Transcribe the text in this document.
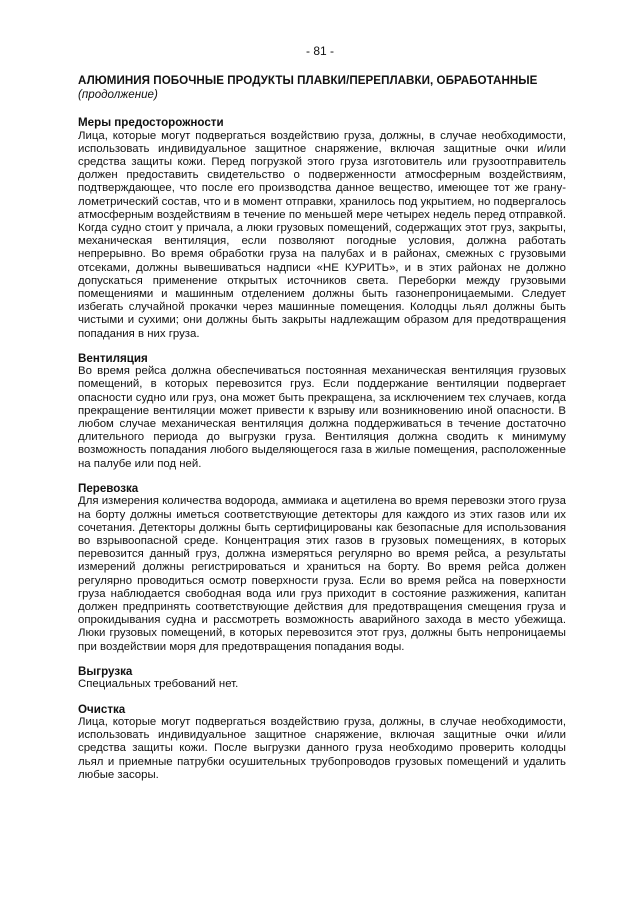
- 81 -

АЛЮМИНИЯ ПОБОЧНЫЕ ПРОДУКТЫ ПЛАВКИ/ПЕРЕПЛАВКИ, ОБРАБОТАННЫЕ

(продолжение)

Меры предосторожности

Лица, которые могут подвергаться воздействию груза, должны, в случае необходимости, использовать индивидуальное защитное снаряжение, включая защитные очки и/или средства защиты кожи. Перед погрузкой этого груза изготовитель или грузоотправитель должен предоставить свидетельство о подверженности атмосферным воздействиям, подтверждающее, что после его производства данное вещество, имеющее тот же гранулометрический состав, что и в момент отправки, хранилось под укрытием, но подвергалось атмосферным воздействиям в течение по меньшей мере четырех недель перед отправкой. Когда судно стоит у причала, а люки грузовых помещений, содержащих этот груз, закрыты, механическая вентиляция, если позволяют погодные условия, должна работать непрерывно. Во время обработки груза на палубах и в районах, смежных с грузовыми отсеками, должны вывешиваться надписи «НЕ КУРИТЬ», и в этих районах не должно допускаться применение открытых источников света. Переборки между грузовыми помещениями и машинным отделением должны быть газонепроницаемыми. Следует избегать случайной прокачки через машинные помещения. Колодцы льял должны быть чистыми и сухими; они должны быть закрыты надлежащим образом для предотвращения попадания в них груза.

Вентиляция

Во время рейса должна обеспечиваться постоянная механическая вентиляция грузовых помещений, в которых перевозится груз. Если поддержание вентиляции подвергает опасности судно или груз, она может быть прекращена, за исключением тех случаев, когда прекращение вентиляции может привести к взрыву или возникновению иной опасности. В любом случае механическая вентиляция должна поддерживаться в течение достаточно длительного периода до выгрузки груза. Вентиляция должна сводить к минимуму возможность попадания любого выделяющегося газа в жилые помещения, расположенные на палубе или под ней.

Перевозка

Для измерения количества водорода, аммиака и ацетилена во время перевозки этого груза на борту должны иметься соответствующие детекторы для каждого из этих газов или их сочетания. Детекторы должны быть сертифицированы как безопасные для использования во взрывоопасной среде. Концентрация этих газов в грузовых помещениях, в которых перевозится данный груз, должна измеряться регулярно во время рейса, а результаты измерений должны регистрироваться и храниться на борту. Во время рейса должен регулярно проводиться осмотр поверхности груза. Если во время рейса на поверхности груза наблюдается свободная вода или груз приходит в состояние разжижения, капитан должен предпринять соответствующие действия для предотвращения смещения груза и опрокидывания судна и рассмотреть возможность аварийного захода в место убежища. Люки грузовых помещений, в которых перевозится этот груз, должны быть непроницаемы при воздействии моря для предотвращения попадания воды.

Выгрузка

Специальных требований нет.

Очистка

Лица, которые могут подвергаться воздействию груза, должны, в случае необходимости, использовать индивидуальное защитное снаряжение, включая защитные очки и/или средства защиты кожи. После выгрузки данного груза необходимо проверить колодцы льял и приемные патрубки осушительных трубопроводов грузовых помещений и удалить любые засоры.
